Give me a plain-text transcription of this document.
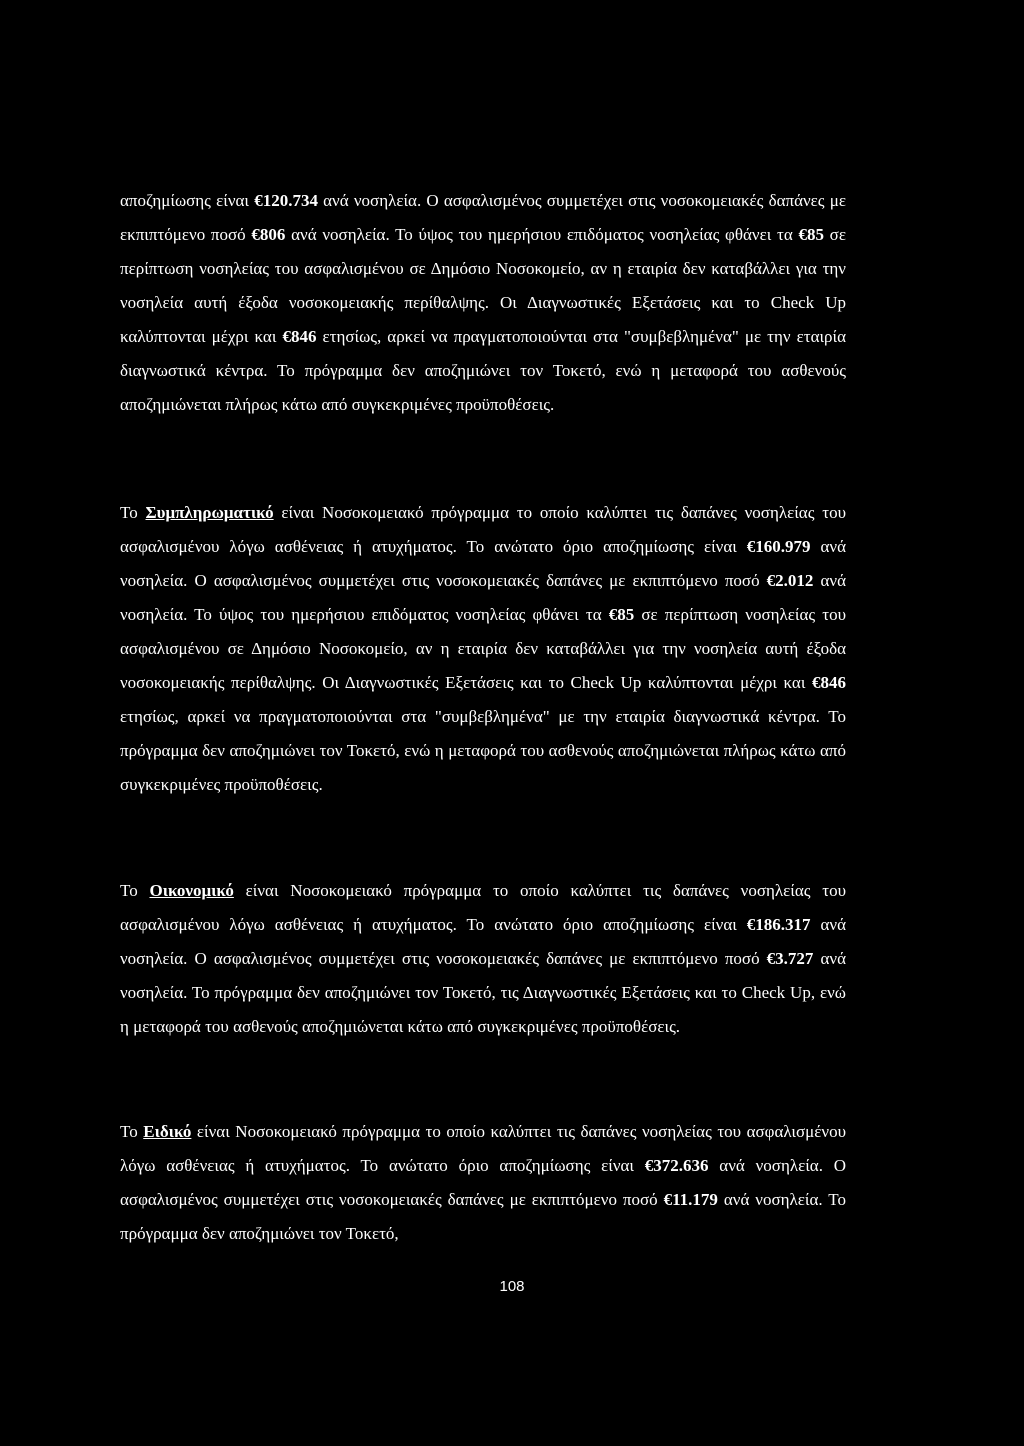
αποζημίωσης είναι €120.734 ανά νοσηλεία. Ο ασφαλισμένος συμμετέχει στις νοσοκομειακές δαπάνες με εκπιπτόμενο ποσό €806 ανά νοσηλεία. Το ύψος του ημερήσιου επιδόματος νοσηλείας φθάνει τα €85 σε περίπτωση νοσηλείας του ασφαλισμένου σε Δημόσιο Νοσοκομείο, αν η εταιρία δεν καταβάλλει για την νοσηλεία αυτή έξοδα νοσοκομειακής περίθαλψης. Οι Διαγνωστικές Εξετάσεις και το Check Up καλύπτονται μέχρι και €846 ετησίως, αρκεί να πραγματοποιούνται στα "συμβεβλημένα" με την εταιρία διαγνωστικά κέντρα. Το πρόγραμμα δεν αποζημιώνει τον Τοκετό, ενώ η μεταφορά του ασθενούς αποζημιώνεται πλήρως κάτω από συγκεκριμένες προϋποθέσεις.

Το Συμπληρωματικό είναι Νοσοκομειακό πρόγραμμα το οποίο καλύπτει τις δαπάνες νοσηλείας του ασφαλισμένου λόγω ασθένειας ή ατυχήματος. Το ανώτατο όριο αποζημίωσης είναι €160.979 ανά νοσηλεία. Ο ασφαλισμένος συμμετέχει στις νοσοκομειακές δαπάνες με εκπιπτόμενο ποσό €2.012 ανά νοσηλεία. Το ύψος του ημερήσιου επιδόματος νοσηλείας φθάνει τα €85 σε περίπτωση νοσηλείας του ασφαλισμένου σε Δημόσιο Νοσοκομείο, αν η εταιρία δεν καταβάλλει για την νοσηλεία αυτή έξοδα νοσοκομειακής περίθαλψης. Οι Διαγνωστικές Εξετάσεις και το Check Up καλύπτονται μέχρι και €846 ετησίως, αρκεί να πραγματοποιούνται στα "συμβεβλημένα" με την εταιρία διαγνωστικά κέντρα. Το πρόγραμμα δεν αποζημιώνει τον Τοκετό, ενώ η μεταφορά του ασθενούς αποζημιώνεται πλήρως κάτω από συγκεκριμένες προϋποθέσεις.

Το Οικονομικό είναι Νοσοκομειακό πρόγραμμα το οποίο καλύπτει τις δαπάνες νοσηλείας του ασφαλισμένου λόγω ασθένειας ή ατυχήματος. Το ανώτατο όριο αποζημίωσης είναι €186.317 ανά νοσηλεία. Ο ασφαλισμένος συμμετέχει στις νοσοκομειακές δαπάνες με εκπιπτόμενο ποσό €3.727 ανά νοσηλεία. Το πρόγραμμα δεν αποζημιώνει τον Τοκετό, τις Διαγνωστικές Εξετάσεις και το Check Up, ενώ η μεταφορά του ασθενούς αποζημιώνεται κάτω από συγκεκριμένες προϋποθέσεις.

Το Ειδικό είναι Νοσοκομειακό πρόγραμμα το οποίο καλύπτει τις δαπάνες νοσηλείας του ασφαλισμένου λόγω ασθένειας ή ατυχήματος. Το ανώτατο όριο αποζημίωσης είναι €372.636 ανά νοσηλεία. Ο ασφαλισμένος συμμετέχει στις νοσοκομειακές δαπάνες με εκπιπτόμενο ποσό €11.179 ανά νοσηλεία. Το πρόγραμμα δεν αποζημιώνει τον Τοκετό,

108
